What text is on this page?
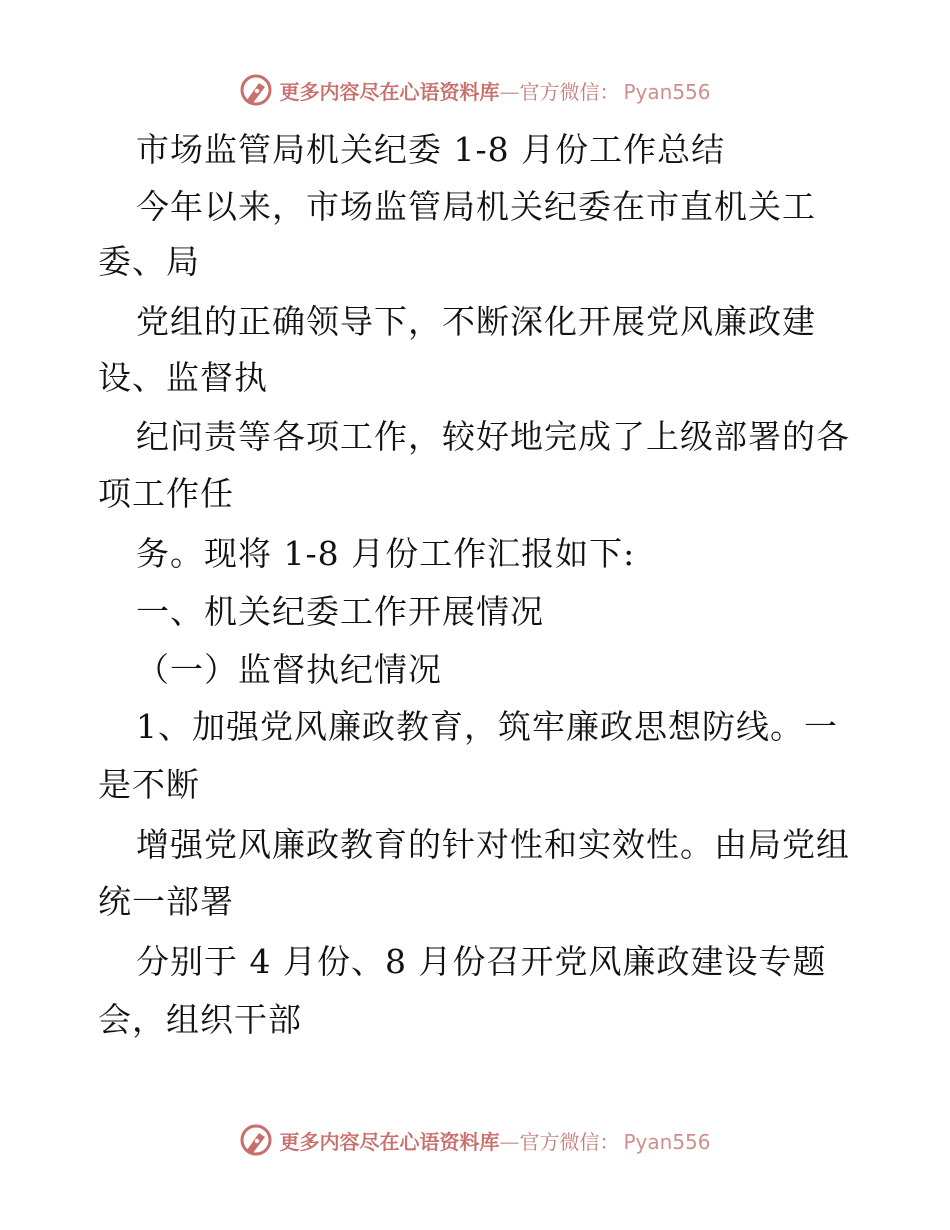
更多内容尽在心语资料库—官方微信： Pyan556
市场监管局机关纪委 1-8 月份工作总结
今年以来，市场监管局机关纪委在市直机关工
委、局
党组的正确领导下，不断深化开展党风廉政建
设、监督执
纪问责等各项工作，较好地完成了上级部署的各
项工作任
务。现将 1-8 月份工作汇报如下:
一、机关纪委工作开展情况
（一）监督执纪情况
1、加强党风廉政教育，筑牢廉政思想防线。一
是不断
增强党风廉政教育的针对性和实效性。由局党组
统一部署
分别于 4 月份、8 月份召开党风廉政建设专题
会，组织干部
更多内容尽在心语资料库—官方微信： Pyan556
